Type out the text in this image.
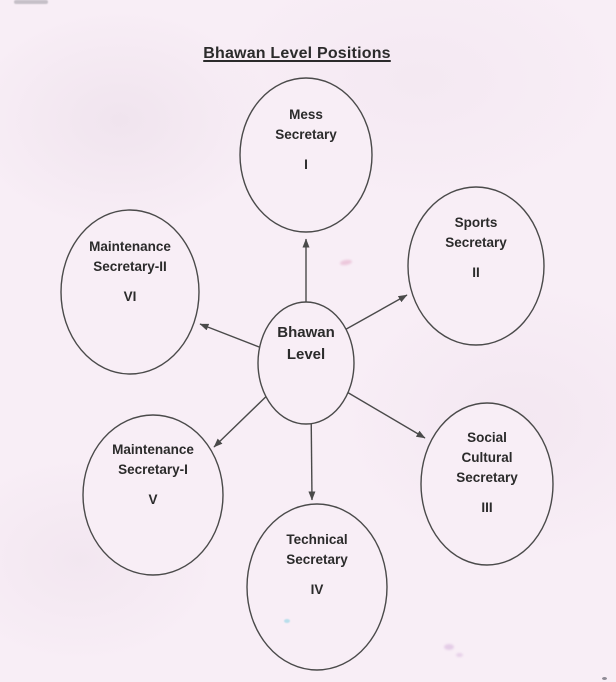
Bhawan Level Positions
Mess
Secretary
I
Sports
Secretary
II
Social
Cultural
Secretary
III
Technical
Secretary
IV
Maintenance
Secretary-I
V
Maintenance
Secretary-II
VI
Bhawan
Level
